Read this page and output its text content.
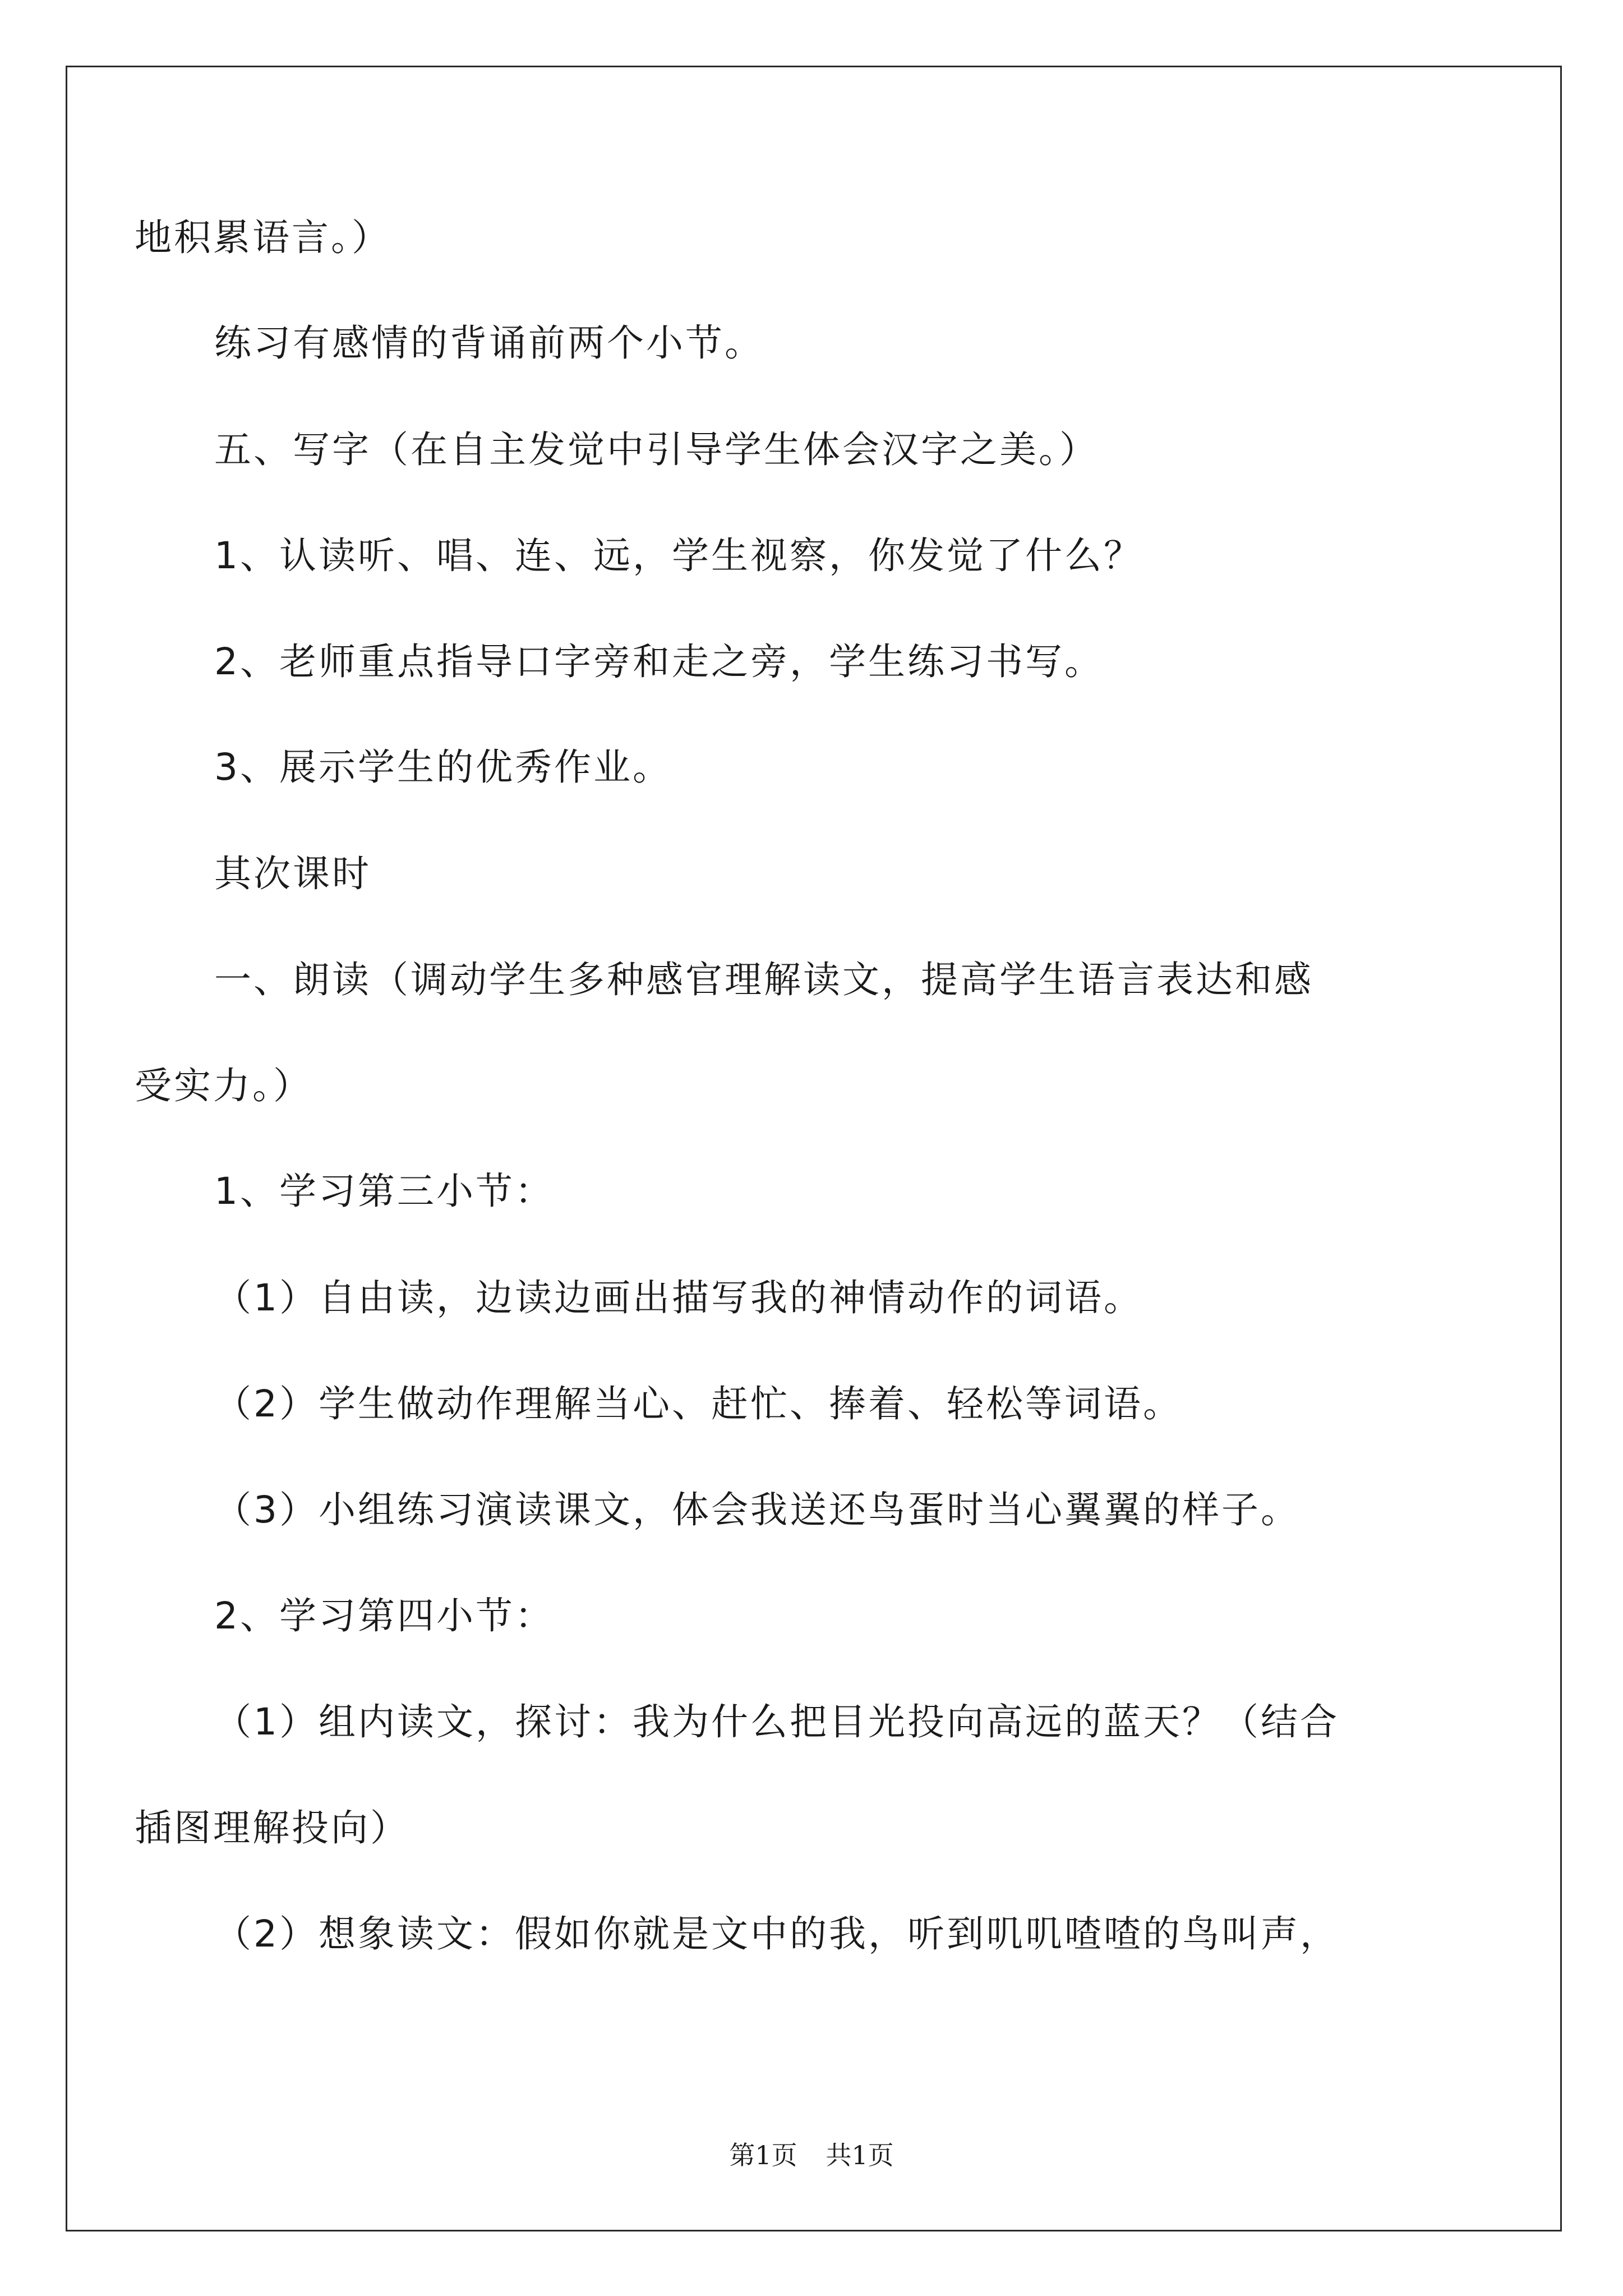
地积累语言。）
练习有感情的背诵前两个小节。
五、写字（在自主发觉中引导学生体会汉字之美。）
1、认读听、唱、连、远，学生视察，你发觉了什么？
2、老师重点指导口字旁和走之旁，学生练习书写。
3、展示学生的优秀作业。
其次课时
一、朗读（调动学生多种感官理解读文，提高学生语言表达和感
受实力。）
1、学习第三小节：
（1）自由读，边读边画出描写我的神情动作的词语。
（2）学生做动作理解当心、赶忙、捧着、轻松等词语。
（3）小组练习演读课文，体会我送还鸟蛋时当心翼翼的样子。
2、学习第四小节：
（1）组内读文，探讨：我为什么把目光投向高远的蓝天？（结合
插图理解投向）
（2）想象读文：假如你就是文中的我，听到叽叽喳喳的鸟叫声，
第1页 共1页
